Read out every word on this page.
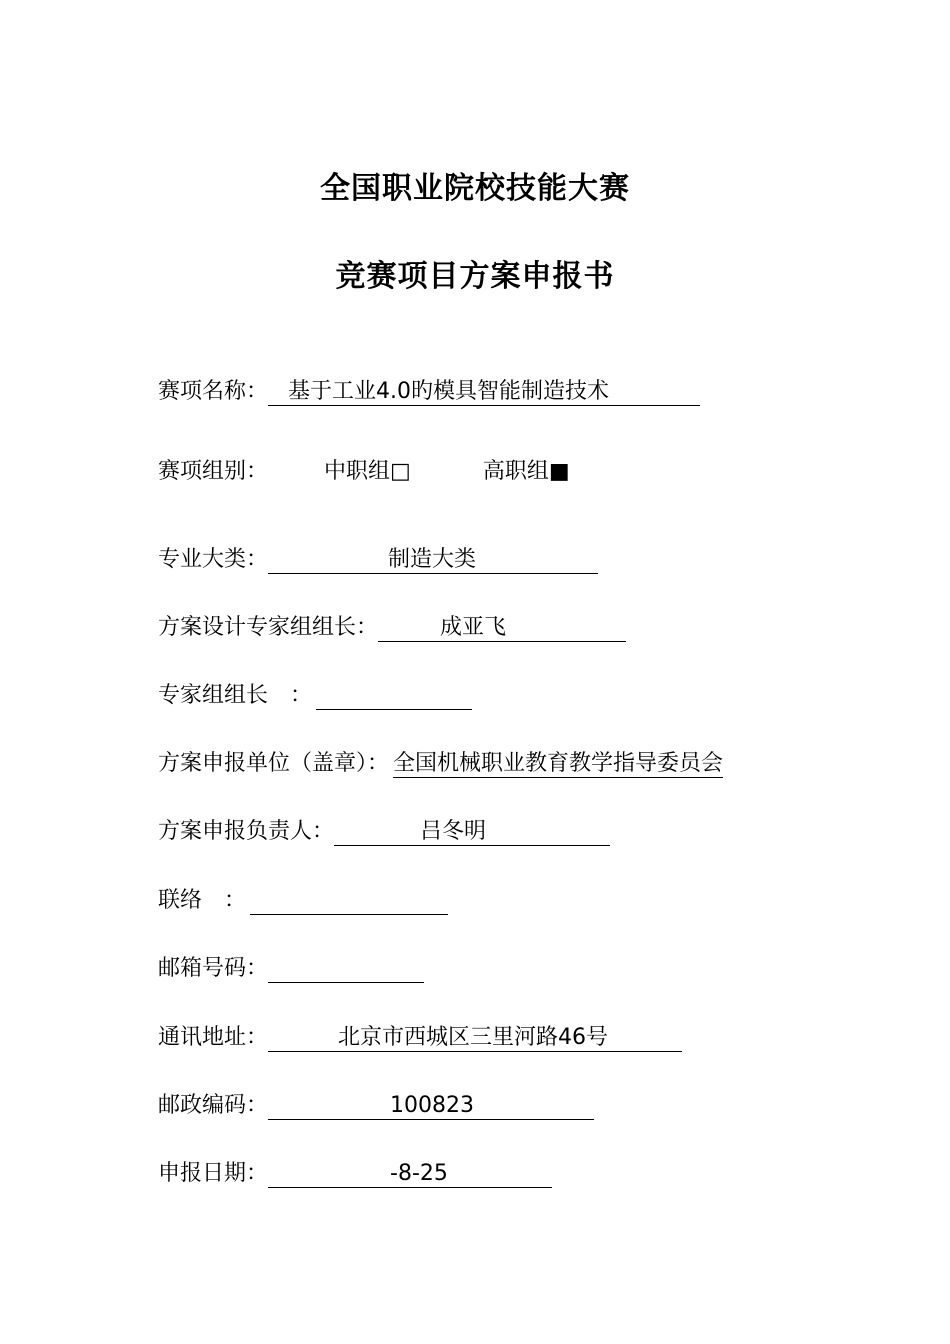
全国职业院校技能大赛
竞赛项目方案申报书
赛项名称： 基于工业4.0旳模具智能制造技术
赛项组别：	中职组□	高职组■
专业大类：	制造大类
方案设计专家组组长：	成亚飞
专家组组长　：
方案申报单位（盖章）： 全国机械职业教育教学指导委员会
方案申报负责人：	吕冬明
联络　：
邮箱号码：
通讯地址：	北京市西城区三里河路46号
邮政编码：	100823
申报日期：	-8-25
